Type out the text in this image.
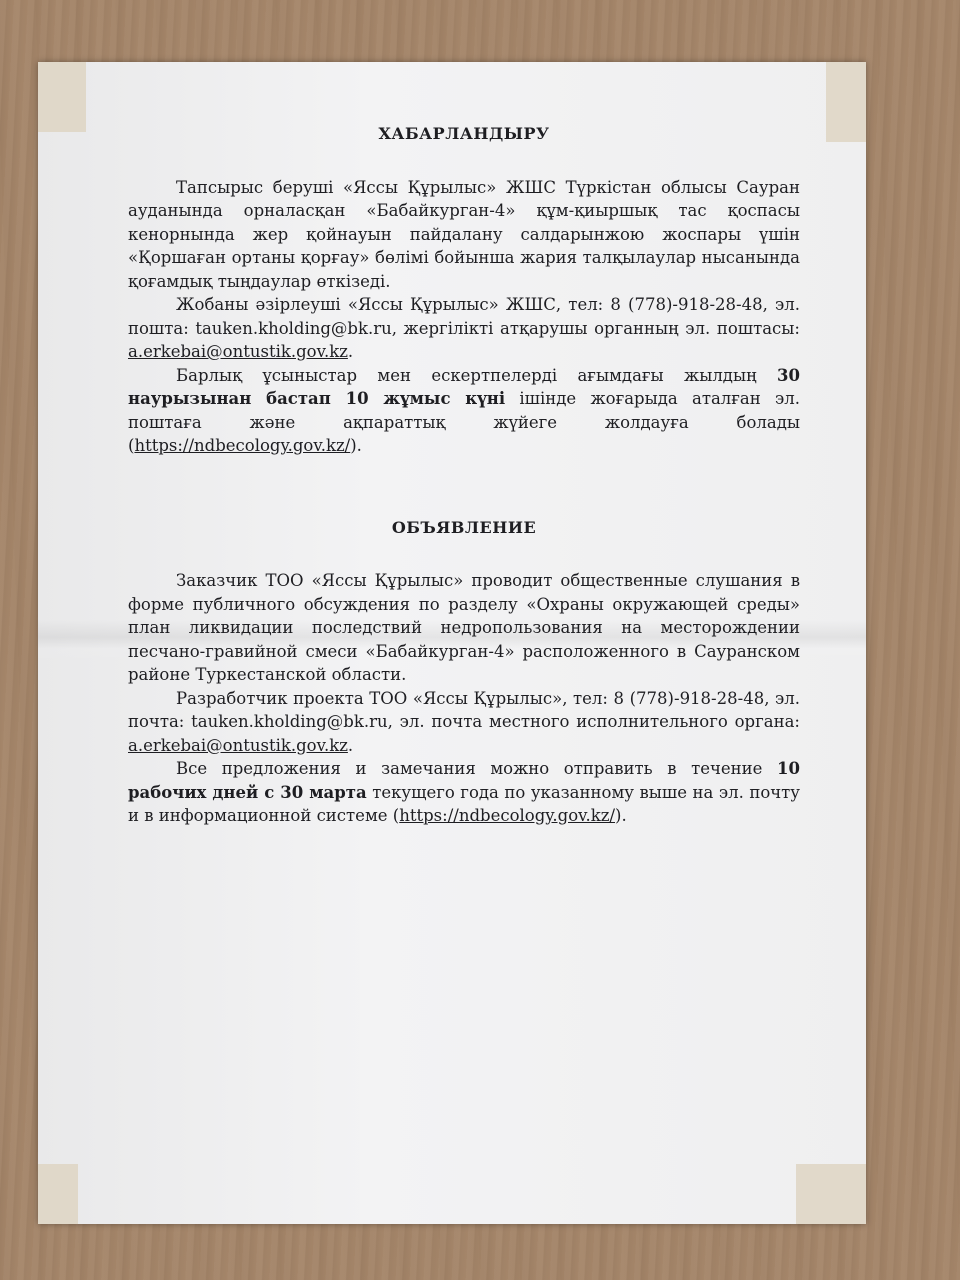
ХАБАРЛАНДЫРУ

Тапсырыс беруші «Яссы Құрылыс» ЖШС Түркістан облысы Сауран ауданында орналасқан «Бабайкурган-4» құм-қиыршық тас қоспасы кенорнында жер қойнауын пайдалану салдарынжою жоспары үшін «Қоршаған ортаны қорғау» бөлімі бойынша жария талқылаулар нысанында қоғамдық тыңдаулар өткізеді.

Жобаны әзірлеуші «Яссы Құрылыс» ЖШС, тел: 8 (778)-918-28-48, эл. пошта: tauken.kholding@bk.ru, жергілікті атқарушы органның эл. поштасы: a.erkebai@ontustik.gov.kz.

Барлық ұсыныстар мен ескертпелерді ағымдағы жылдың 30 наурызынан бастап 10 жұмыс күні ішінде жоғарыда аталған эл. поштаға және ақпараттық жүйеге жолдауға болады (https://ndbecology.gov.kz/).

ОБЪЯВЛЕНИЕ

Заказчик ТОО «Яссы Құрылыс» проводит общественные слушания в форме публичного обсуждения по разделу «Охраны окружающей среды» план ликвидации последствий недропользования на месторождении песчано-гравийной смеси «Бабайкурган-4» расположенного в Сауранском районе Туркестанской области.

Разработчик проекта ТОО «Яссы Құрылыс», тел: 8 (778)-918-28-48, эл. почта: tauken.kholding@bk.ru, эл. почта местного исполнительного органа: a.erkebai@ontustik.gov.kz.

Все предложения и замечания можно отправить в течение 10 рабочих дней с 30 марта текущего года по указанному выше на эл. почту и в информационной системе (https://ndbecology.gov.kz/).
